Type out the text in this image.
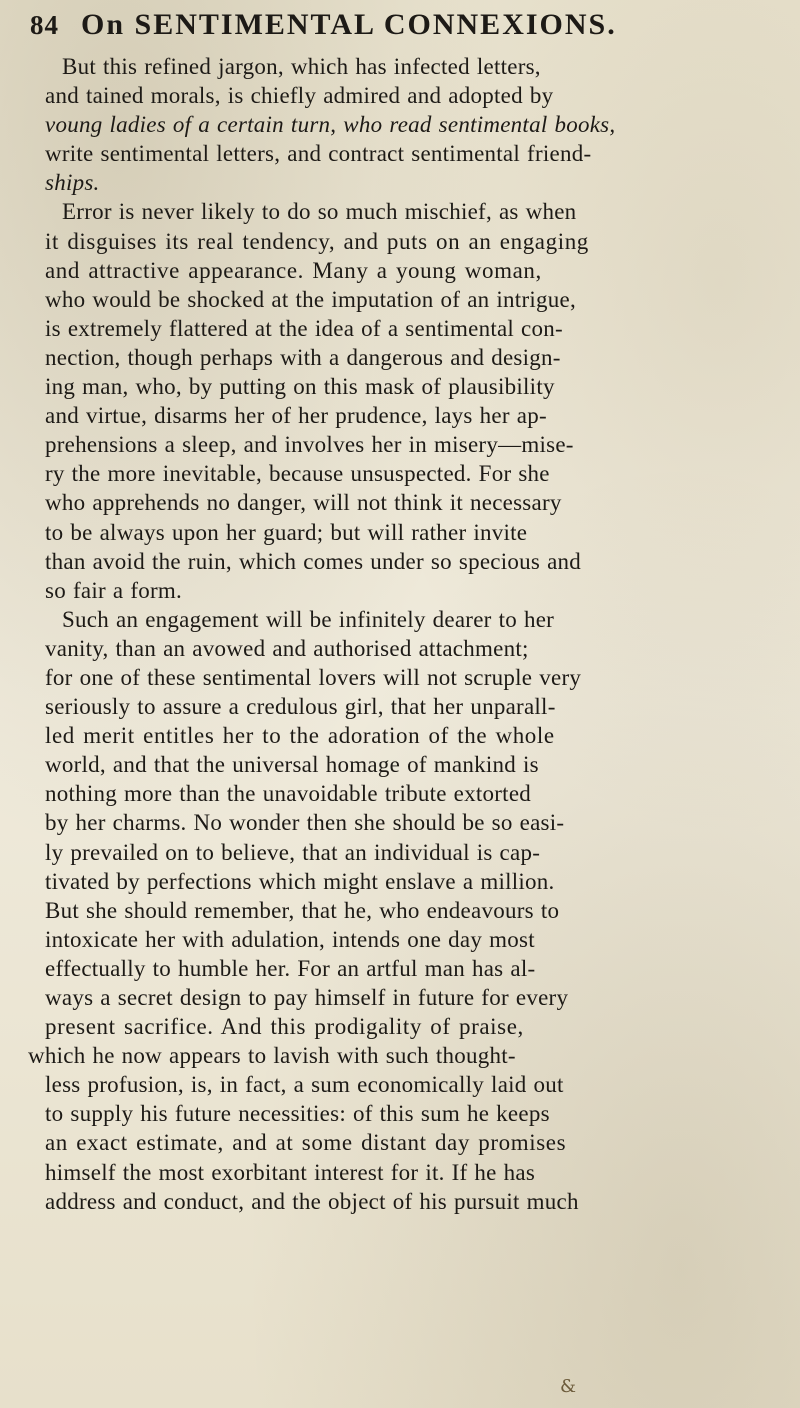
84 On SENTIMENTAL CONNEXIONS.
But this refined jargon, which has infected letters,
and tained morals, is chiefly admired and adopted by
voung ladies of a certain turn, who read sentimental books,
write sentimental letters, and contract sentimental friend-
ships.
Error is never likely to do so much mischief, as when
it disguises its real tendency, and puts on an engaging
and attractive appearance. Many a young woman,
who would be shocked at the imputation of an intrigue,
is extremely flattered at the idea of a sentimental con-
nection, though perhaps with a dangerous and design-
ing man, who, by putting on this mask of plausibility
and virtue, disarms her of her prudence, lays her ap-
prehensions a sleep, and involves her in misery—mise-
ry the more inevitable, because unsuspected. For she
who apprehends no danger, will not think it necessary
to be always upon her guard; but will rather invite
than avoid the ruin, which comes under so specious and
so fair a form.
Such an engagement will be infinitely dearer to her
vanity, than an avowed and authorised attachment;
for one of these sentimental lovers will not scruple very
seriously to assure a credulous girl, that her unparall-
led merit entitles her to the adoration of the whole
world, and that the universal homage of mankind is
nothing more than the unavoidable tribute extorted
by her charms. No wonder then she should be so easi-
ly prevailed on to believe, that an individual is cap-
tivated by perfections which might enslave a million.
But she should remember, that he, who endeavours to
intoxicate her with adulation, intends one day most
effectually to humble her. For an artful man has al-
ways a secret design to pay himself in future for every
present sacrifice. And this prodigality of praise,
which he now appears to lavish with such thought-
less profusion, is, in fact, a sum economically laid out
to supply his future necessities: of this sum he keeps
an exact estimate, and at some distant day promises
himself the most exorbitant interest for it. If he has
address and conduct, and the object of his pursuit much
&
